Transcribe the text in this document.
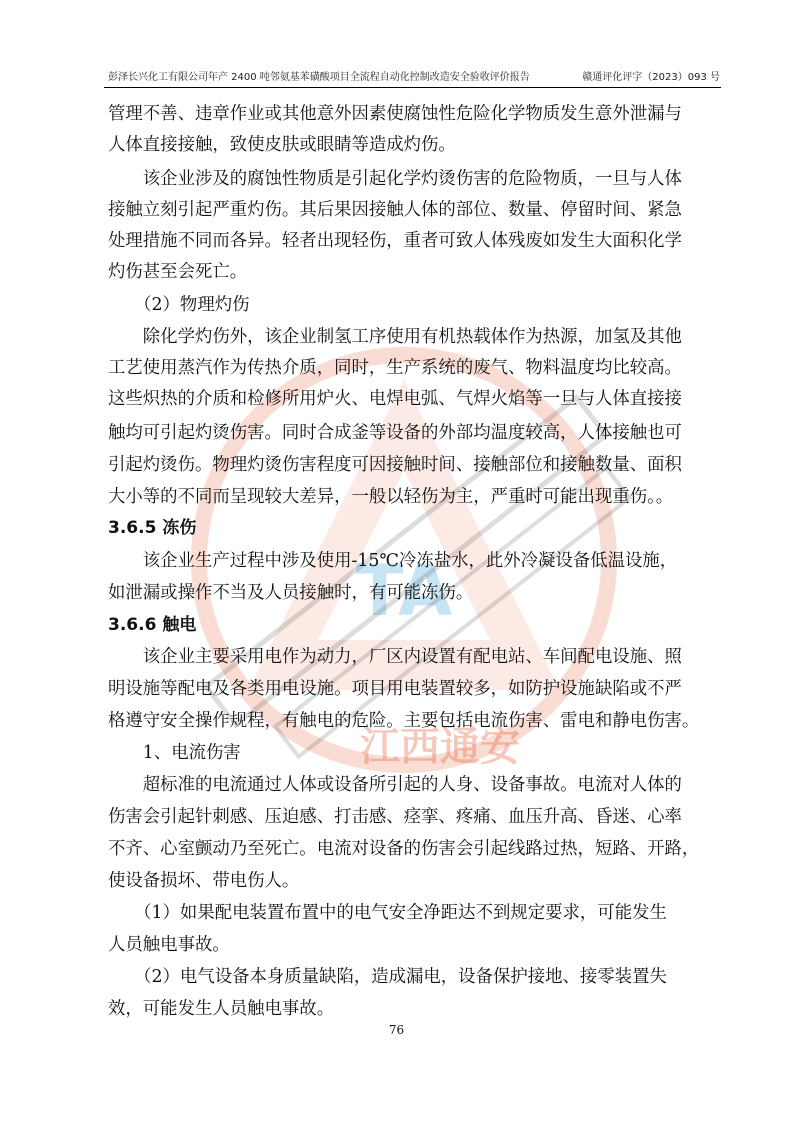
TA
江西通安
彭泽长兴化工有限公司年产 2400 吨邻氨基苯磺酸项目全流程自动化控制改造安全验收评价报告	赣通评化评字（2023）093 号
管理不善、违章作业或其他意外因素使腐蚀性危险化学物质发生意外泄漏与
人体直接接触，致使皮肤或眼睛等造成灼伤。
　　该企业涉及的腐蚀性物质是引起化学灼烫伤害的危险物质，一旦与人体
接触立刻引起严重灼伤。其后果因接触人体的部位、数量、停留时间、紧急
处理措施不同而各异。轻者出现轻伤，重者可致人体残废如发生大面积化学
灼伤甚至会死亡。
　　（2）物理灼伤
　　除化学灼伤外，该企业制氢工序使用有机热载体作为热源，加氢及其他
工艺使用蒸汽作为传热介质，同时，生产系统的废气、物料温度均比较高。
这些炽热的介质和检修所用炉火、电焊电弧、气焊火焰等一旦与人体直接接
触均可引起灼烫伤害。同时合成釜等设备的外部均温度较高，人体接触也可
引起灼烫伤。物理灼烫伤害程度可因接触时间、接触部位和接触数量、面积
大小等的不同而呈现较大差异，一般以轻伤为主，严重时可能出现重伤。。
3.6.5 冻伤
　　该企业生产过程中涉及使用-15℃冷冻盐水，此外冷凝设备低温设施，
如泄漏或操作不当及人员接触时，有可能冻伤。
3.6.6 触电
　　该企业主要采用电作为动力，厂区内设置有配电站、车间配电设施、照
明设施等配电及各类用电设施。项目用电装置较多，如防护设施缺陷或不严
格遵守安全操作规程，有触电的危险。主要包括电流伤害、雷电和静电伤害。
　　1、电流伤害
　　超标准的电流通过人体或设备所引起的人身、设备事故。电流对人体的
伤害会引起针刺感、压迫感、打击感、痉挛、疼痛、血压升高、昏迷、心率
不齐、心室颤动乃至死亡。电流对设备的伤害会引起线路过热，短路、开路，
使设备损坏、带电伤人。
　　（1）如果配电装置布置中的电气安全净距达不到规定要求，可能发生
人员触电事故。
　　（2）电气设备本身质量缺陷，造成漏电，设备保护接地、接零装置失
效，可能发生人员触电事故。
76
